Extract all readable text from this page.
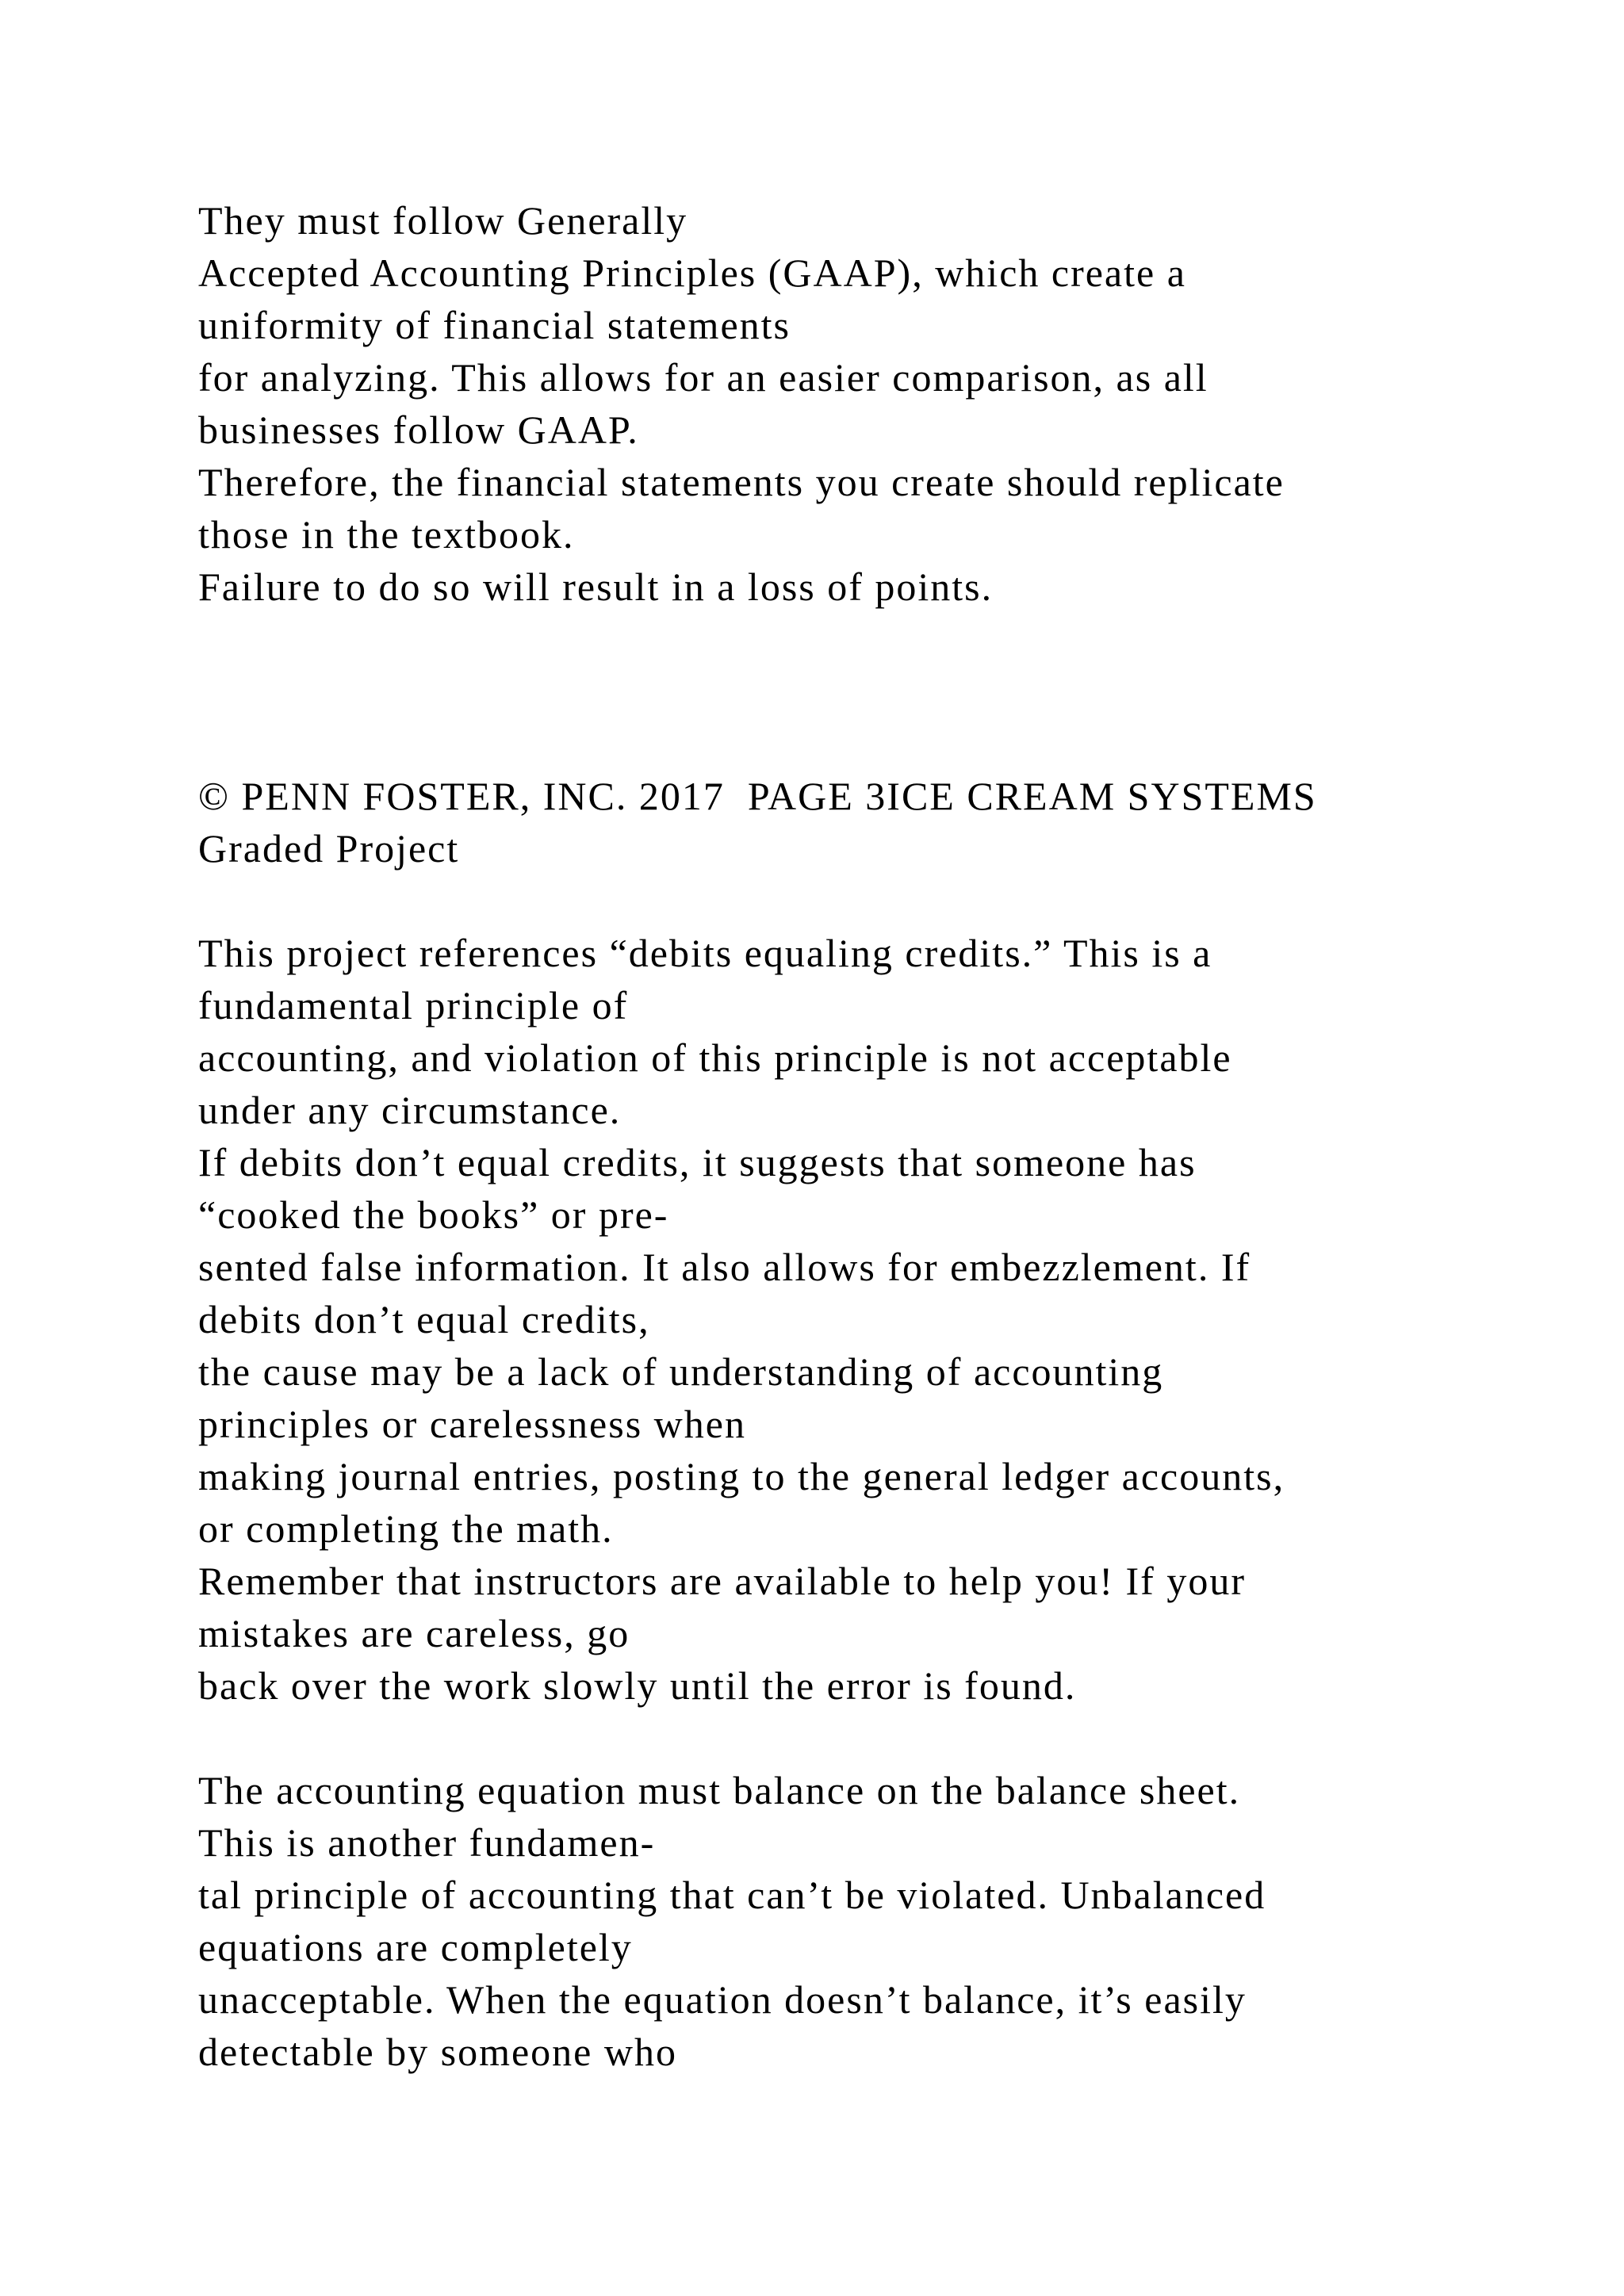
They must follow Generally
Accepted Accounting Principles (GAAP), which create a
uniformity of financial statements
for analyzing. This allows for an easier comparison, as all
businesses follow GAAP.
Therefore, the financial statements you create should replicate
those in the textbook.
Failure to do so will result in a loss of points.
© PENN FOSTER, INC. 2017  PAGE 3ICE CREAM SYSTEMS
Graded Project
This project references “debits equaling credits.” This is a
fundamental principle of
accounting, and violation of this principle is not acceptable
under any circumstance.
If debits don’t equal credits, it suggests that someone has
“cooked the books” or pre-
sented false information. It also allows for embezzlement. If
debits don’t equal credits,
the cause may be a lack of understanding of accounting
principles or carelessness when
making journal entries, posting to the general ledger accounts,
or completing the math.
Remember that instructors are available to help you! If your
mistakes are careless, go
back over the work slowly until the error is found.
The accounting equation must balance on the balance sheet.
This is another fundamen-
tal principle of accounting that can’t be violated. Unbalanced
equations are completely
unacceptable. When the equation doesn’t balance, it’s easily
detectable by someone who
